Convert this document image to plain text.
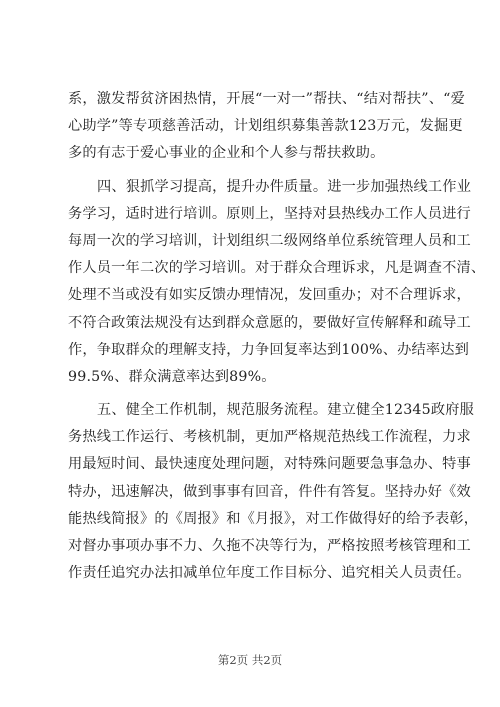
系，激发帮贫济困热情，开展“一对一”帮扶、“结对帮扶”、“爱
心助学”等专项慈善活动，计划组织募集善款123万元，发掘更
多的有志于爱心事业的企业和个人参与帮扶救助。
四、狠抓学习提高，提升办件质量。进一步加强热线工作业
务学习，适时进行培训。原则上，坚持对县热线办工作人员进行
每周一次的学习培训，计划组织二级网络单位系统管理人员和工
作人员一年二次的学习培训。对于群众合理诉求，凡是调查不清、
处理不当或没有如实反馈办理情况，发回重办；对不合理诉求，
不符合政策法规没有达到群众意愿的，要做好宣传解释和疏导工
作，争取群众的理解支持，力争回复率达到100%、办结率达到
99.5%、群众满意率达到89%。
五、健全工作机制，规范服务流程。建立健全12345政府服
务热线工作运行、考核机制，更加严格规范热线工作流程，力求
用最短时间、最快速度处理问题，对特殊问题要急事急办、特事
特办，迅速解决，做到事事有回音，件件有答复。坚持办好《效
能热线简报》的《周报》和《月报》，对工作做得好的给予表彰，
对督办事项办事不力、久拖不决等行为，严格按照考核管理和工
作责任追究办法扣减单位年度工作目标分、追究相关人员责任。
第2页 共2页
